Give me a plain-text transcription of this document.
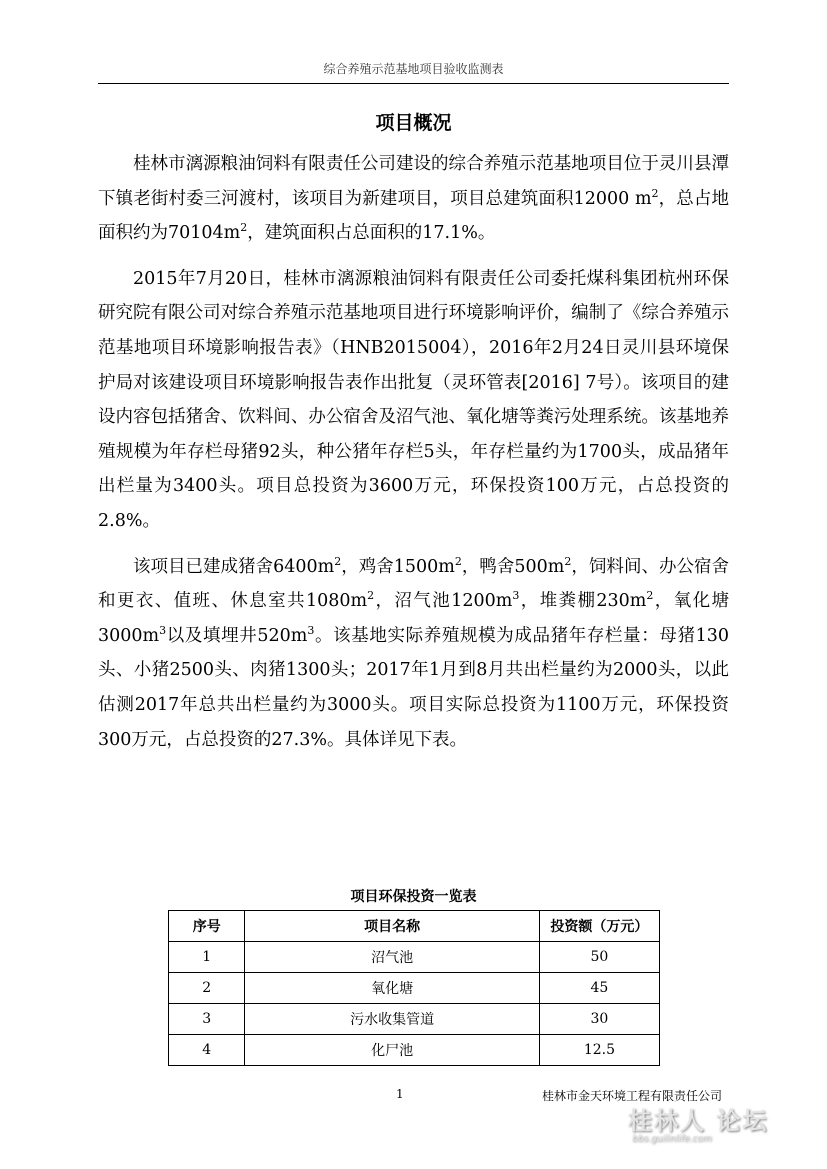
综合养殖示范基地项目验收监测表
项目概况

桂林市漓源粮油饲料有限责任公司建设的综合养殖示范基地项目位于灵川县潭下镇老街村委三河渡村，该项目为新建项目，项目总建筑面积12000 $m^2$，总占地面积约为$70104m^2$，建筑面积占总面积的17.1%。

2015年7月20日，桂林市漓源粮油饲料有限责任公司委托煤科集团杭州环保研究院有限公司对综合养殖示范基地项目进行环境影响评价，编制了《综合养殖示范基地项目环境影响报告表》（HNB2015004），2016年2月24日灵川县环境保护局对该建设项目环境影响报告表作出批复（灵环管表[2016] 7号）。该项目的建设内容包括猪舍、饮料间、办公宿舍及沼气池、氧化塘等粪污处理系统。该基地养殖规模为年存栏母猪92头，种公猪年存栏5头，年存栏量约为1700头，成品猪年出栏量为3400头。项目总投资为3600万元，环保投资100万元，占总投资的2.8%。

该项目已建成猪舍$6400m^2$，鸡舍$1500m^2$，鸭舍$500m^2$，饲料间、办公宿舍和更衣、值班、休息室共$1080m^2$，沼气池$1200m^3$，堆粪棚$230m^2$，氧化塘$3000m^3$以及填埋井$520m^3$。该基地实际养殖规模为成品猪年存栏量：母猪130头、小猪2500头、肉猪1300头；2017年1月到8月共出栏量约为2000头，以此估测2017年总共出栏量约为3000头。项目实际总投资为1100万元，环保投资300万元，占总投资的27.3%。具体详见下表。

项目环保投资一览表
序号	项目名称	投资额（万元）
1	沼气池	50
2	氧化塘	45
3	污水收集管道	30
4	化尸池	12.5
1	桂林市金天环境工程有限责任公司
桂林人 论坛
bbs.guilinlife.com
